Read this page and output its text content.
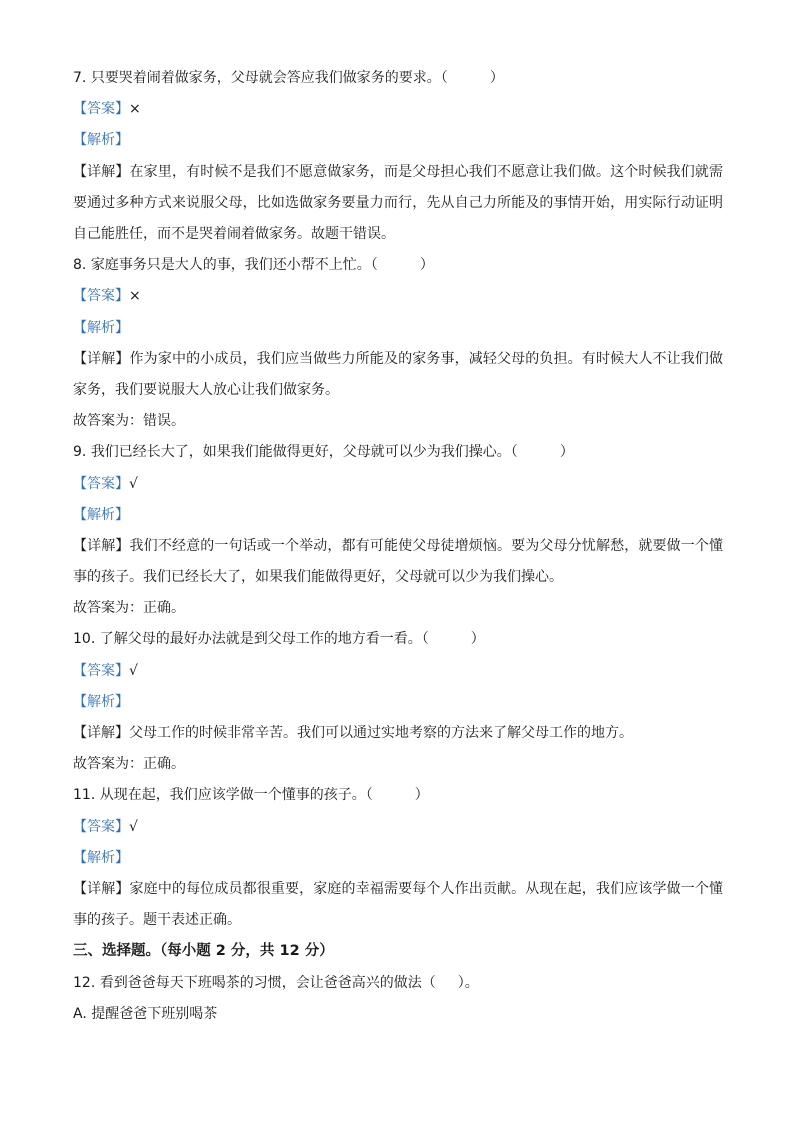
7. 只要哭着闹着做家务，父母就会答应我们做家务的要求。（	）
【答案】×
【解析】
【详解】在家里，有时候不是我们不愿意做家务，而是父母担心我们不愿意让我们做。这个时候我们就需要通过多种方式来说服父母，比如选做家务要量力而行，先从自己力所能及的事情开始，用实际行动证明自己能胜任，而不是哭着闹着做家务。故题干错误。
8. 家庭事务只是大人的事，我们还小帮不上忙。（	）
【答案】×
【解析】
【详解】作为家中的小成员，我们应当做些力所能及的家务事，减轻父母的负担。有时候大人不让我们做家务，我们要说服大人放心让我们做家务。
故答案为：错误。
9. 我们已经长大了，如果我们能做得更好，父母就可以少为我们操心。（	）
【答案】√
【解析】
【详解】我们不经意的一句话或一个举动，都有可能使父母徒增烦恼。要为父母分忧解愁，就要做一个懂事的孩子。我们已经长大了，如果我们能做得更好，父母就可以少为我们操心。
故答案为：正确。
10. 了解父母的最好办法就是到父母工作的地方看一看。（	）
【答案】√
【解析】
【详解】父母工作的时候非常辛苦。我们可以通过实地考察的方法来了解父母工作的地方。
故答案为：正确。
11. 从现在起，我们应该学做一个懂事的孩子。（	）
【答案】√
【解析】
【详解】家庭中的每位成员都很重要，家庭的幸福需要每个人作出贡献。从现在起，我们应该学做一个懂事的孩子。题干表述正确。
三、选择题。（每小题 2 分，共 12 分）
12. 看到爸爸每天下班喝茶的习惯，会让爸爸高兴的做法（ ）。
A. 提醒爸爸下班别喝茶
